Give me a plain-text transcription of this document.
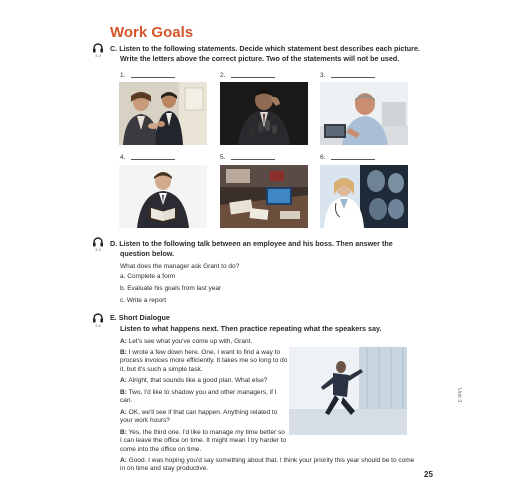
Work Goals
3-4
C. Listen to the following statements. Decide which statement best describes each picture.
Write the letters above the correct picture. Two of the statements will not be used.
1.	2.	3.
4.	5.	6.
3-5
D. Listen to the following talk between an employee and his boss. Then answer the
question below.
What does the manager ask Grant to do?
a. Complete a form
b. Evaluate his goals from last year
c. Write a report
3-6
E. Short Dialogue
Listen to what happens next. Then practice repeating what the speakers say.
A: Let's see what you've come up with, Grant.
B: I wrote a few down here. One, I want to find a way to process invoices more efficiently. It takes me so long to do it, but it's such a simple task.
A: Alright, that sounds like a good plan. What else?
B: Two, I'd like to shadow you and other managers, if I can.
A: OK, we'll see if that can happen. Anything related to your work hours?
B: Yes, the third one. I'd like to manage my time better so I can leave the office on time. It might mean I try harder to come into the office on time.
A: Good. I was hoping you'd say something about that. I think your priority this year should be to come in on time and stay productive.
Unit 3
25
